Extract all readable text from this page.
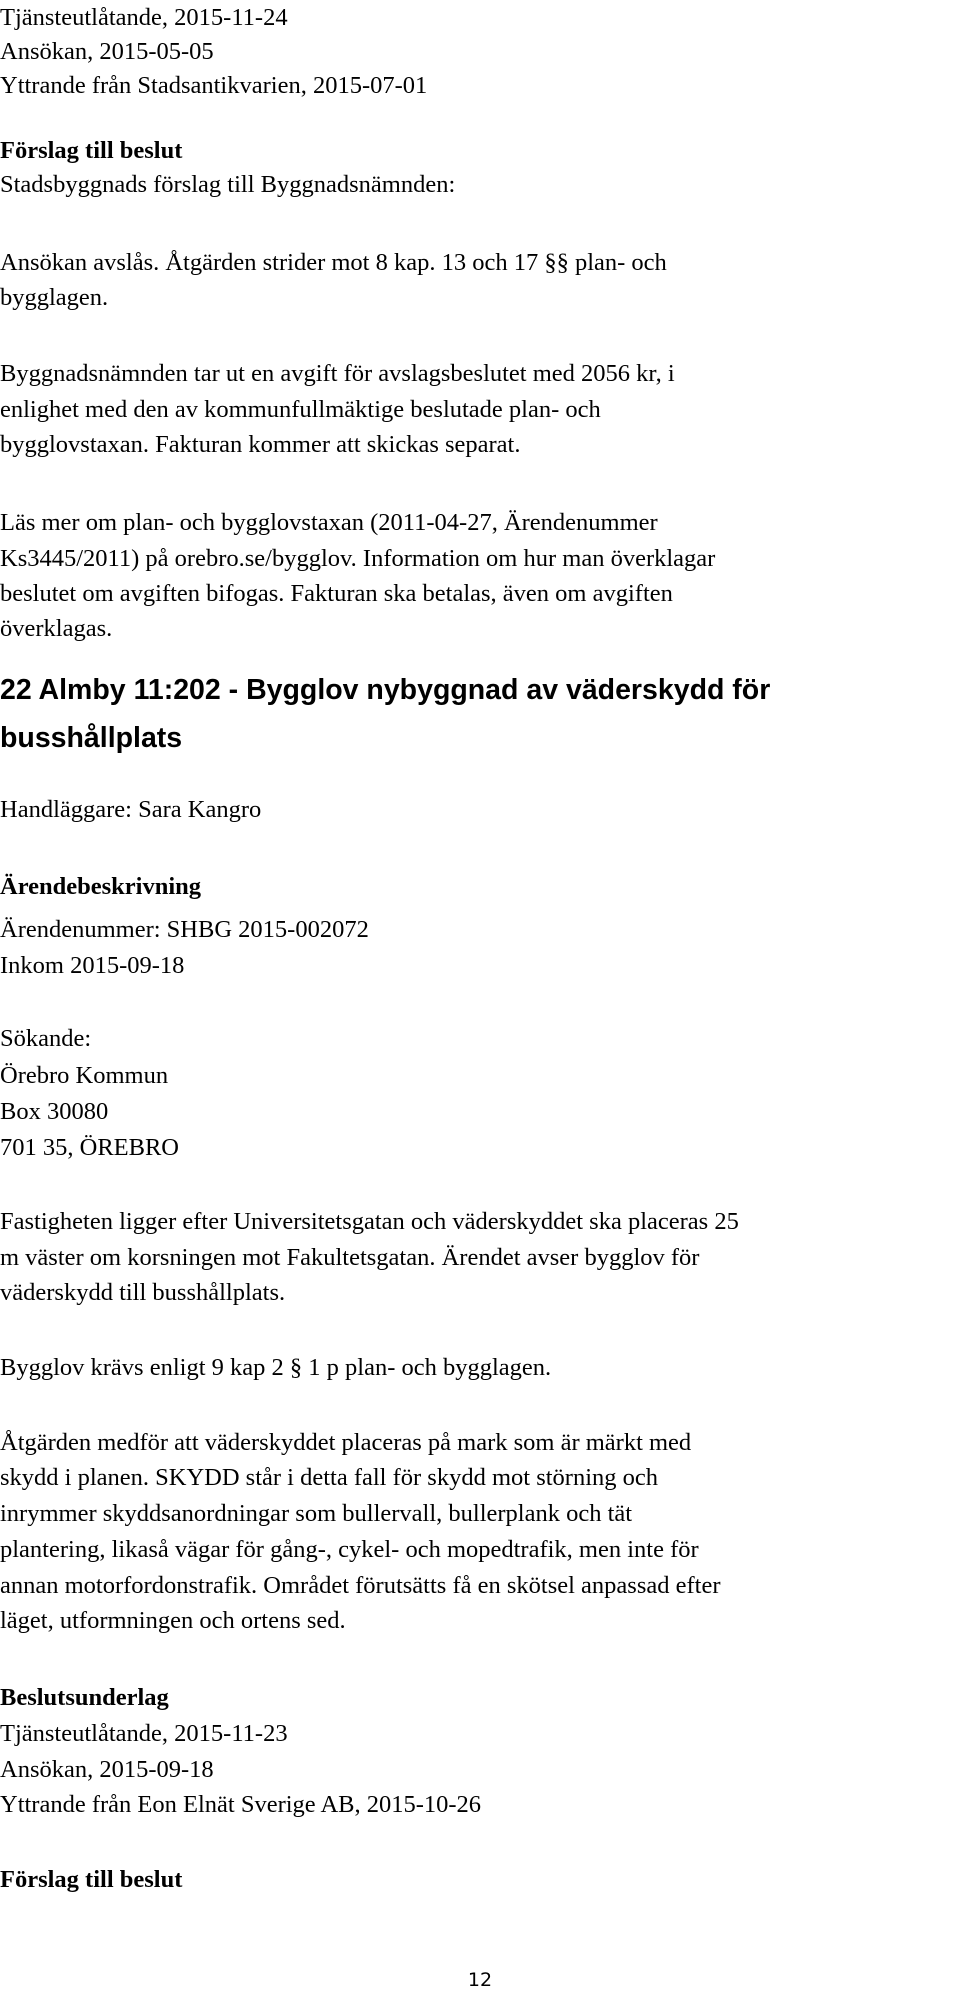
Tjänsteutlåtande, 2015-11-24

Ansökan, 2015-05-05

Yttrande från Stadsantikvarien, 2015-07-01

Förslag till beslut

Stadsbyggnads förslag till Byggnadsnämnden:

Ansökan avslås. Åtgärden strider mot 8 kap. 13 och 17 §§ plan- och

bygglagen.

Byggnadsnämnden tar ut en avgift för avslagsbeslutet med 2056 kr, i

enlighet med den av kommunfullmäktige beslutade plan- och

bygglovstaxan. Fakturan kommer att skickas separat.

Läs mer om plan- och bygglovstaxan (2011-04-27, Ärendenummer

Ks3445/2011) på orebro.se/bygglov. Information om hur man överklagar

beslutet om avgiften bifogas. Fakturan ska betalas, även om avgiften

överklagas.

22 Almby 11:202 - Bygglov nybyggnad av väderskydd för

busshållplats

Handläggare: Sara Kangro

Ärendebeskrivning

Ärendenummer: SHBG 2015-002072

Inkom 2015-09-18

Sökande:

Örebro Kommun

Box 30080

701 35, ÖREBRO

Fastigheten ligger efter Universitetsgatan och väderskyddet ska placeras 25

m väster om korsningen mot Fakultetsgatan. Ärendet avser bygglov för

väderskydd till busshållplats.

Bygglov krävs enligt 9 kap 2 § 1 p plan- och bygglagen.

Åtgärden medför att väderskyddet placeras på mark som är märkt med

skydd i planen. SKYDD står i detta fall för skydd mot störning och

inrymmer skyddsanordningar som bullervall, bullerplank och tät

plantering, likaså vägar för gång-, cykel- och mopedtrafik, men inte för

annan motorfordonstrafik. Området förutsätts få en skötsel anpassad efter

läget, utformningen och ortens sed.

Beslutsunderlag

Tjänsteutlåtande, 2015-11-23

Ansökan, 2015-09-18

Yttrande från Eon Elnät Sverige AB, 2015-10-26

Förslag till beslut

12
